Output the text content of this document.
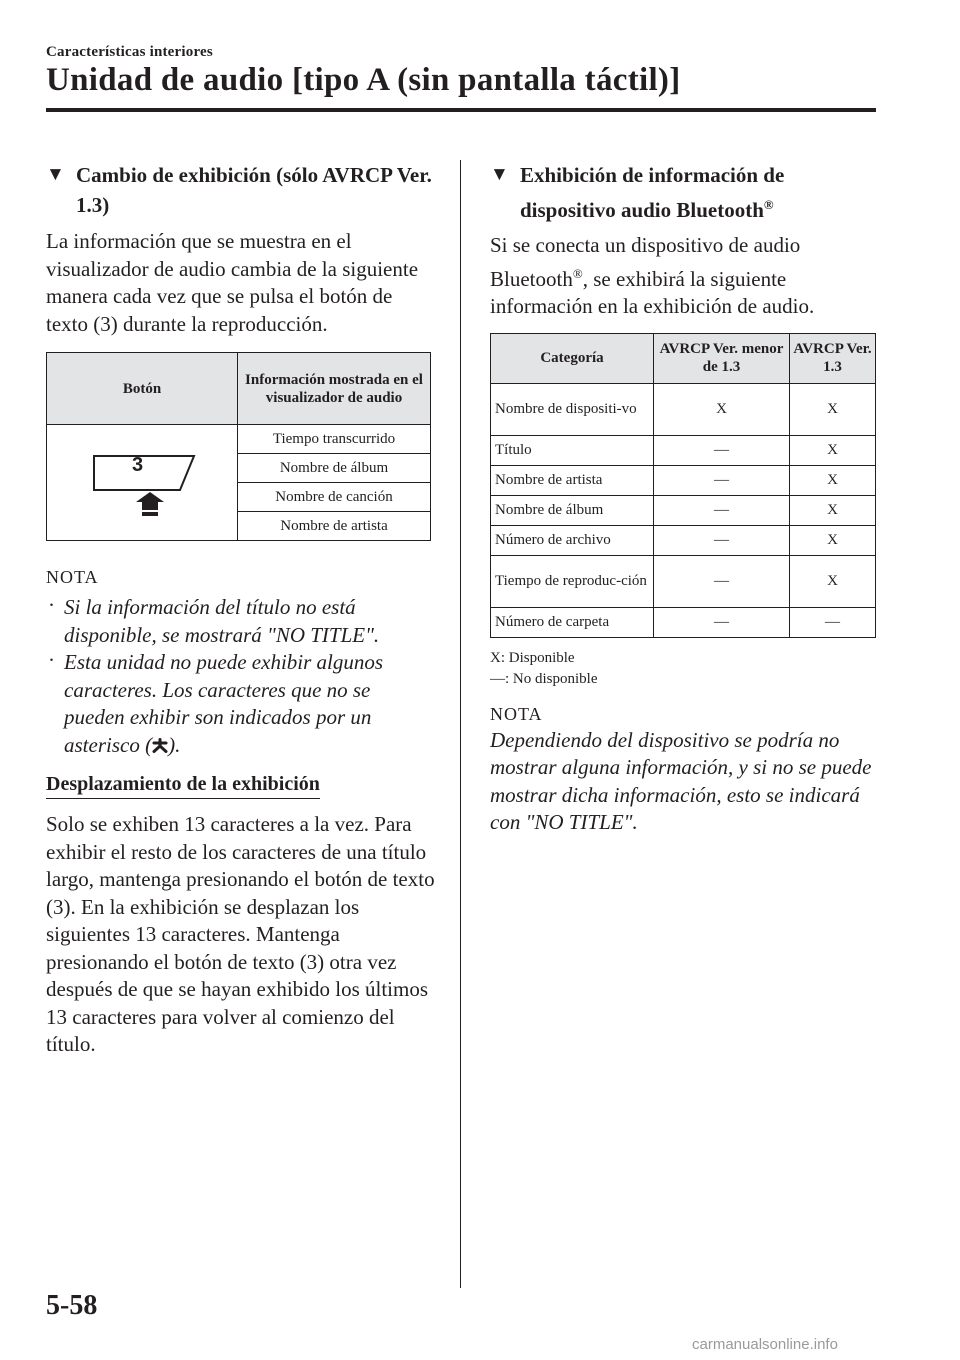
Características interiores
Unidad de audio [tipo A (sin pantalla táctil)]
▼ Cambio de exhibición (sólo AVRCP Ver. 1.3)
La información que se muestra en el visualizador de audio cambia de la siguiente manera cada vez que se pulsa el botón de texto (3) durante la reproducción.
Botón	Información mostrada en el visualizador de audio

3	Tiempo transcurrido
	Nombre de álbum
	Nombre de canción
	Nombre de artista
NOTA
· Si la información del título no está disponible, se mostrará "NO TITLE".
· Esta unidad no puede exhibir algunos caracteres. Los caracteres que no se pueden exhibir son indicados por un asterisco ( ).
Desplazamiento de la exhibición
Solo se exhiben 13 caracteres a la vez. Para exhibir el resto de los caracteres de una título largo, mantenga presionando el botón de texto (3). En la exhibición se desplazan los siguientes 13 caracteres. Mantenga presionando el botón de texto (3) otra vez después de que se hayan exhibido los últimos 13 caracteres para volver al comienzo del título.
▼ Exhibición de información de dispositivo audio Bluetooth®
Si se conecta un dispositivo de audio Bluetooth®, se exhibirá la siguiente información en la exhibición de audio.
Categoría	AVRCP Ver. menor de 1.3	AVRCP Ver. 1.3
Nombre de dispositi-vo	X	X
Título	—	X
Nombre de artista	—	X
Nombre de álbum	—	X
Número de archivo	—	X
Tiempo de reproduc-ción	—	X
Número de carpeta	—	—
X: Disponible
—: No disponible
NOTA
Dependiendo del dispositivo se podría no mostrar alguna información, y si no se puede mostrar dicha información, esto se indicará con "NO TITLE".
5-58
carmanualsonline.info
